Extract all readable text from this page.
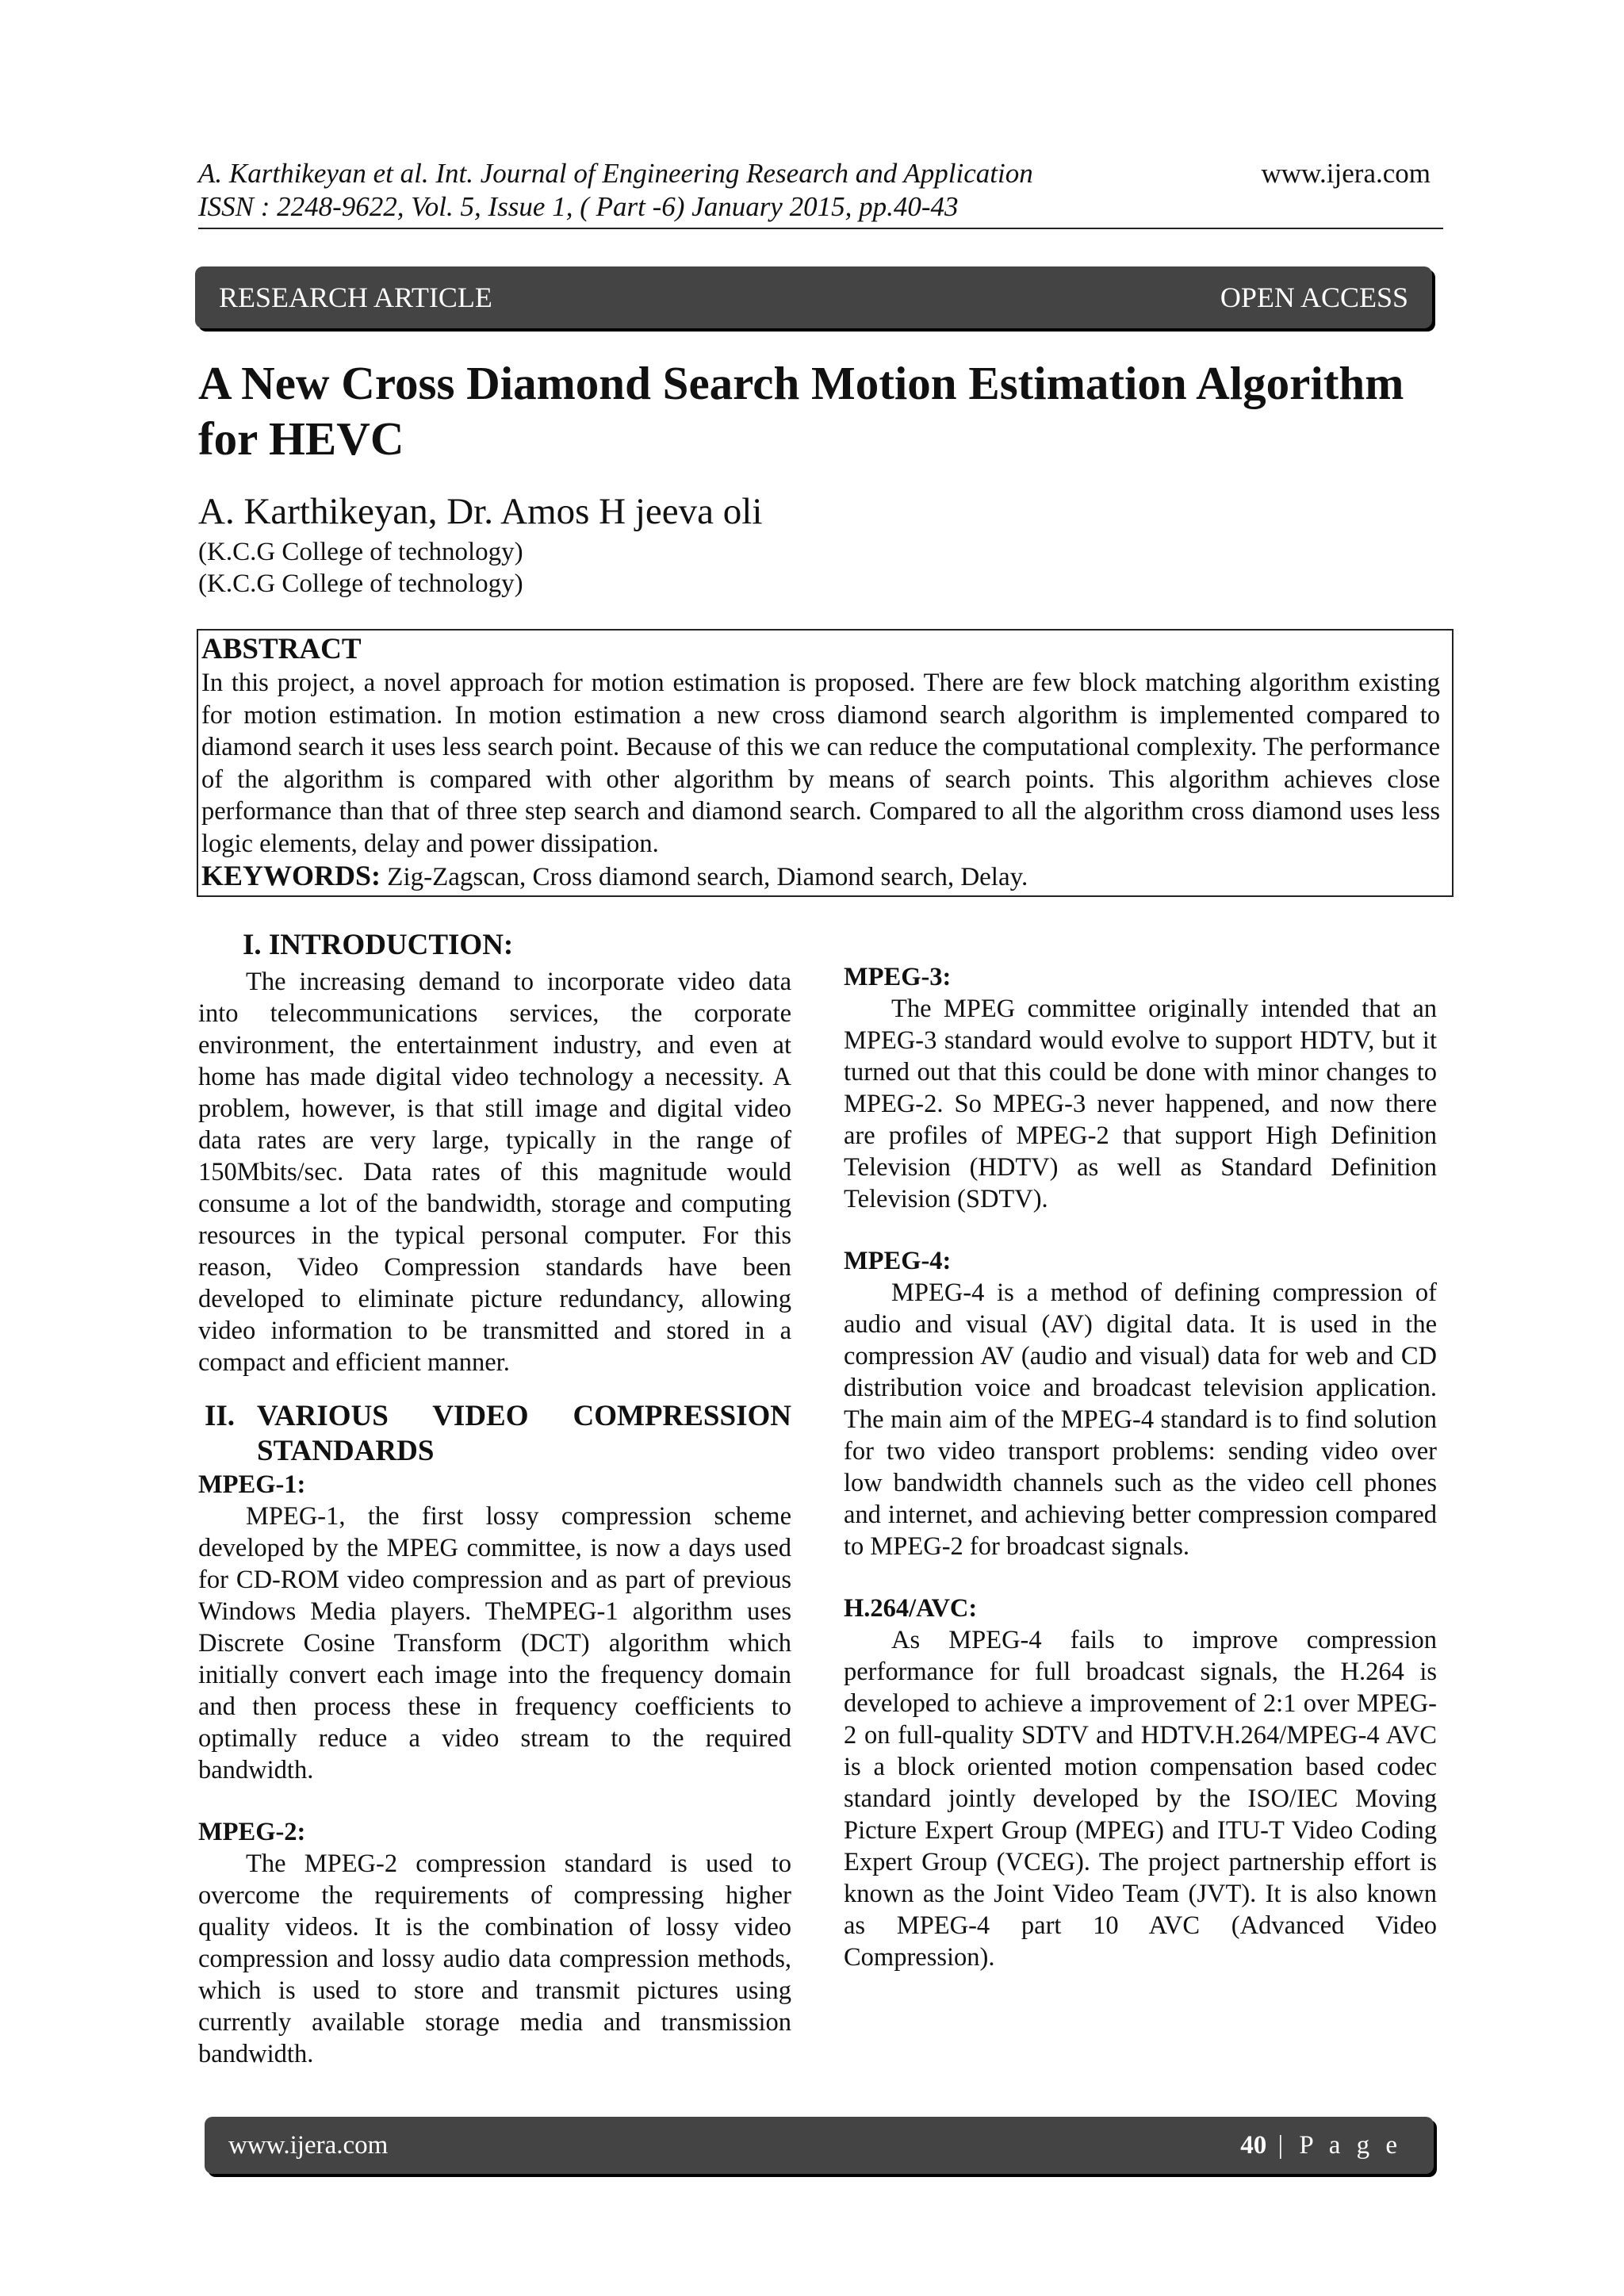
A. Karthikeyan et al. Int. Journal of Engineering Research and Application
ISSN : 2248-9622, Vol. 5, Issue 1, ( Part -6) January 2015, pp.40-43
www.ijera.com
RESEARCH ARTICLE	OPEN ACCESS
A New Cross Diamond Search Motion Estimation Algorithm for HEVC
A. Karthikeyan, Dr. Amos H jeeva oli
(K.C.G College of technology)
(K.C.G College of technology)
ABSTRACT
In this project, a novel approach for motion estimation is proposed. There are few block matching algorithm existing for motion estimation. In motion estimation a new cross diamond search algorithm is implemented compared to diamond search it uses less search point. Because of this we can reduce the computational complexity. The performance of the algorithm is compared with other algorithm by means of search points. This algorithm achieves close performance than that of three step search and diamond search. Compared to all the algorithm cross diamond uses less logic elements, delay and power dissipation.
KEYWORDS: Zig-Zagscan, Cross diamond search, Diamond search, Delay.
I. INTRODUCTION:

The increasing demand to incorporate video data into telecommunications services, the corporate environment, the entertainment industry, and even at home has made digital video technology a necessity. A problem, however, is that still image and digital video data rates are very large, typically in the range of 150Mbits/sec. Data rates of this magnitude would consume a lot of the bandwidth, storage and computing resources in the typical personal computer. For this reason, Video Compression standards have been developed to eliminate picture redundancy, allowing video information to be transmitted and stored in a compact and efficient manner.

II. VARIOUS VIDEO COMPRESSION
STANDARDS
MPEG-1:

MPEG-1, the first lossy compression scheme developed by the MPEG committee, is now a days used for CD-ROM video compression and as part of previous Windows Media players. TheMPEG-1 algorithm uses Discrete Cosine Transform (DCT) algorithm which initially convert each image into the frequency domain and then process these in frequency coefficients to optimally reduce a video stream to the required bandwidth.

MPEG-2:

The MPEG-2 compression standard is used to overcome the requirements of compressing higher quality videos. It is the combination of lossy video compression and lossy audio data compression methods, which is used to store and transmit pictures using currently available storage media and transmission bandwidth.

MPEG-3:

The MPEG committee originally intended that an MPEG-3 standard would evolve to support HDTV, but it turned out that this could be done with minor changes to MPEG-2. So MPEG-3 never happened, and now there are profiles of MPEG-2 that support High Definition Television (HDTV) as well as Standard Definition Television (SDTV).

MPEG-4:

MPEG-4 is a method of defining compression of audio and visual (AV) digital data. It is used in the compression AV (audio and visual) data for web and CD distribution voice and broadcast television application. The main aim of the MPEG-4 standard is to find solution for two video transport problems: sending video over low bandwidth channels such as the video cell phones and internet, and achieving better compression compared to MPEG-2 for broadcast signals.

H.264/AVC:

As MPEG-4 fails to improve compression performance for full broadcast signals, the H.264 is developed to achieve a improvement of 2:1 over MPEG-2 on full-quality SDTV and HDTV.H.264/MPEG-4 AVC is a block oriented motion compensation based codec standard jointly developed by the ISO/IEC Moving Picture Expert Group (MPEG) and ITU-T Video Coding Expert Group (VCEG). The project partnership effort is known as the Joint Video Team (JVT). It is also known as MPEG-4 part 10 AVC (Advanced Video Compression).

www.ijera.com	40 | P a g e
